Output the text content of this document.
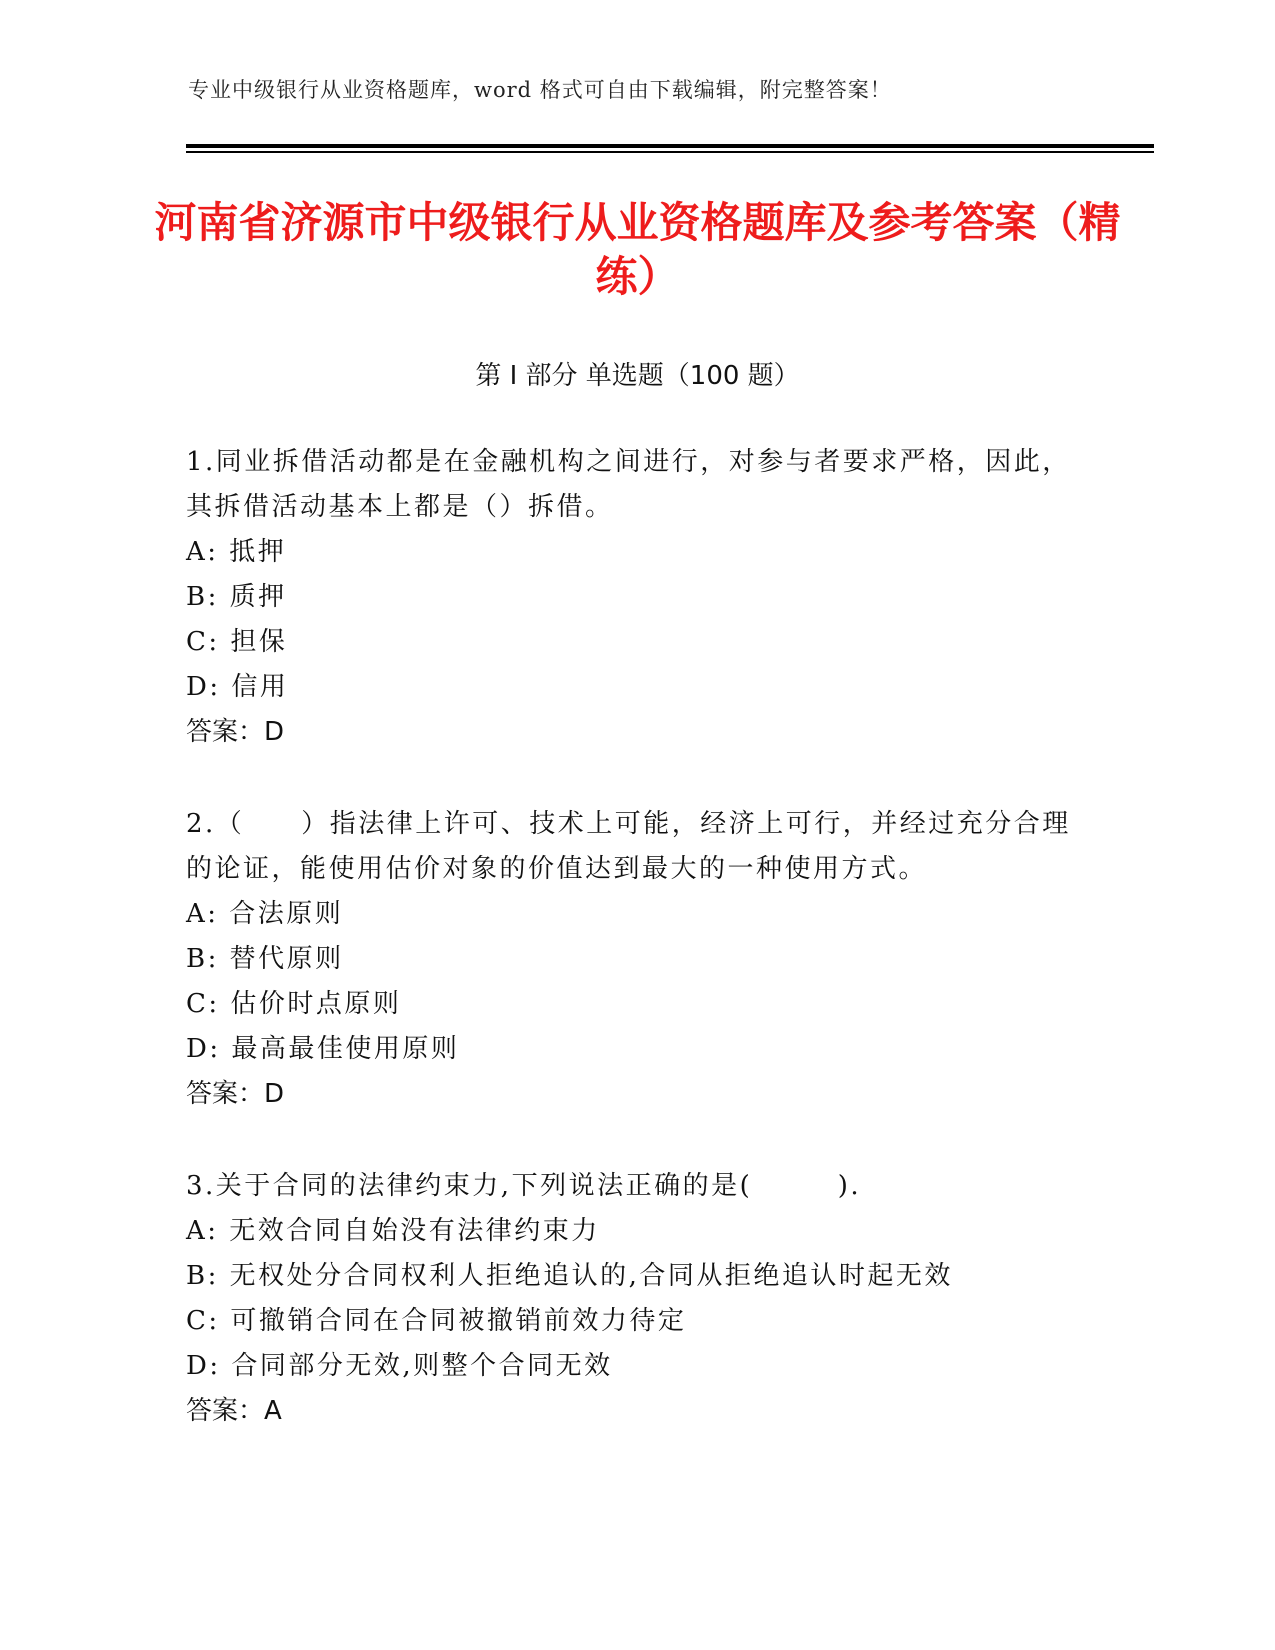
专业中级银行从业资格题库，word 格式可自由下载编辑，附完整答案！
河南省济源市中级银行从业资格题库及参考答案（精练）
第 I 部分 单选题（100 题）

1.同业拆借活动都是在金融机构之间进行，对参与者要求严格，因此，其拆借活动基本上都是（）拆借。

A: 抵押
B: 质押
C: 担保
D: 信用
答案：D

2.（　　）指法律上许可、技术上可能，经济上可行，并经过充分合理的论证，能使用估价对象的价值达到最大的一种使用方式。

A: 合法原则
B: 替代原则
C: 估价时点原则
D: 最高最佳使用原则
答案：D

3.关于合同的法律约束力,下列说法正确的是(　　　).

A: 无效合同自始没有法律约束力
B: 无权处分合同权利人拒绝追认的,合同从拒绝追认时起无效
C: 可撤销合同在合同被撤销前效力待定
D: 合同部分无效,则整个合同无效
答案：A
